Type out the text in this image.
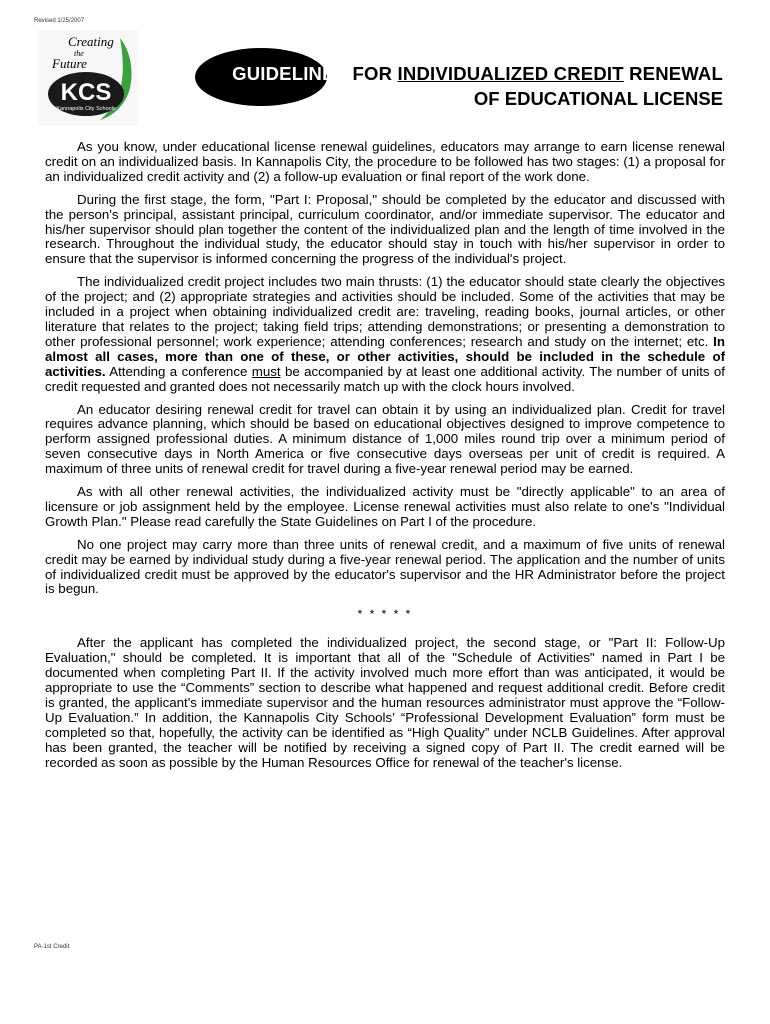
Revised 1/25/2007
Creating
the
Future
KCS
Kannapolis City Schools
GUIDELINES FOR INDIVIDUALIZED CREDIT RENEWAL
OF EDUCATIONAL LICENSE

As you know, under educational license renewal guidelines, educators may arrange to earn license renewal credit on an individualized basis. In Kannapolis City, the procedure to be followed has two stages: (1) a proposal for an individualized credit activity and (2) a follow-up evaluation or final report of the work done.

During the first stage, the form, "Part I: Proposal," should be completed by the educator and discussed with the person's principal, assistant principal, curriculum coordinator, and/or immediate supervisor. The educator and his/her supervisor should plan together the content of the individualized plan and the length of time involved in the research. Throughout the individual study, the educator should stay in touch with his/her supervisor in order to ensure that the supervisor is informed concerning the progress of the individual's project.

The individualized credit project includes two main thrusts: (1) the educator should state clearly the objectives of the project; and (2) appropriate strategies and activities should be included. Some of the activities that may be included in a project when obtaining individualized credit are: traveling, reading books, journal articles, or other literature that relates to the project; taking field trips; attending demonstrations; or presenting a demonstration to other professional personnel; work experience; attending conferences; research and study on the internet; etc. In almost all cases, more than one of these, or other activities, should be included in the schedule of activities. Attending a conference must be accompanied by at least one additional activity. The number of units of credit requested and granted does not necessarily match up with the clock hours involved.

An educator desiring renewal credit for travel can obtain it by using an individualized plan. Credit for travel requires advance planning, which should be based on educational objectives designed to improve competence to perform assigned professional duties. A minimum distance of 1,000 miles round trip over a minimum period of seven consecutive days in North America or five consecutive days overseas per unit of credit is required. A maximum of three units of renewal credit for travel during a five-year renewal period may be earned.

As with all other renewal activities, the individualized activity must be "directly applicable" to an area of licensure or job assignment held by the employee. License renewal activities must also relate to one's "Individual Growth Plan." Please read carefully the State Guidelines on Part I of the procedure.

No one project may carry more than three units of renewal credit, and a maximum of five units of renewal credit may be earned by individual study during a five-year renewal period. The application and the number of units of individualized credit must be approved by the educator's supervisor and the HR Administrator before the project is begun.

* * * * *

After the applicant has completed the individualized project, the second stage, or "Part II: Follow-Up Evaluation," should be completed. It is important that all of the "Schedule of Activities" named in Part I be documented when completing Part II. If the activity involved much more effort than was anticipated, it would be appropriate to use the “Comments” section to describe what happened and request additional credit. Before credit is granted, the applicant's immediate supervisor and the human resources administrator must approve the “Follow-Up Evaluation.” In addition, the Kannapolis City Schools’ “Professional Development Evaluation” form must be completed so that, hopefully, the activity can be identified as “High Quality” under NCLB Guidelines. After approval has been granted, the teacher will be notified by receiving a signed copy of Part II. The credit earned will be recorded as soon as possible by the Human Resources Office for renewal of the teacher's license.

PA-1st Credit
